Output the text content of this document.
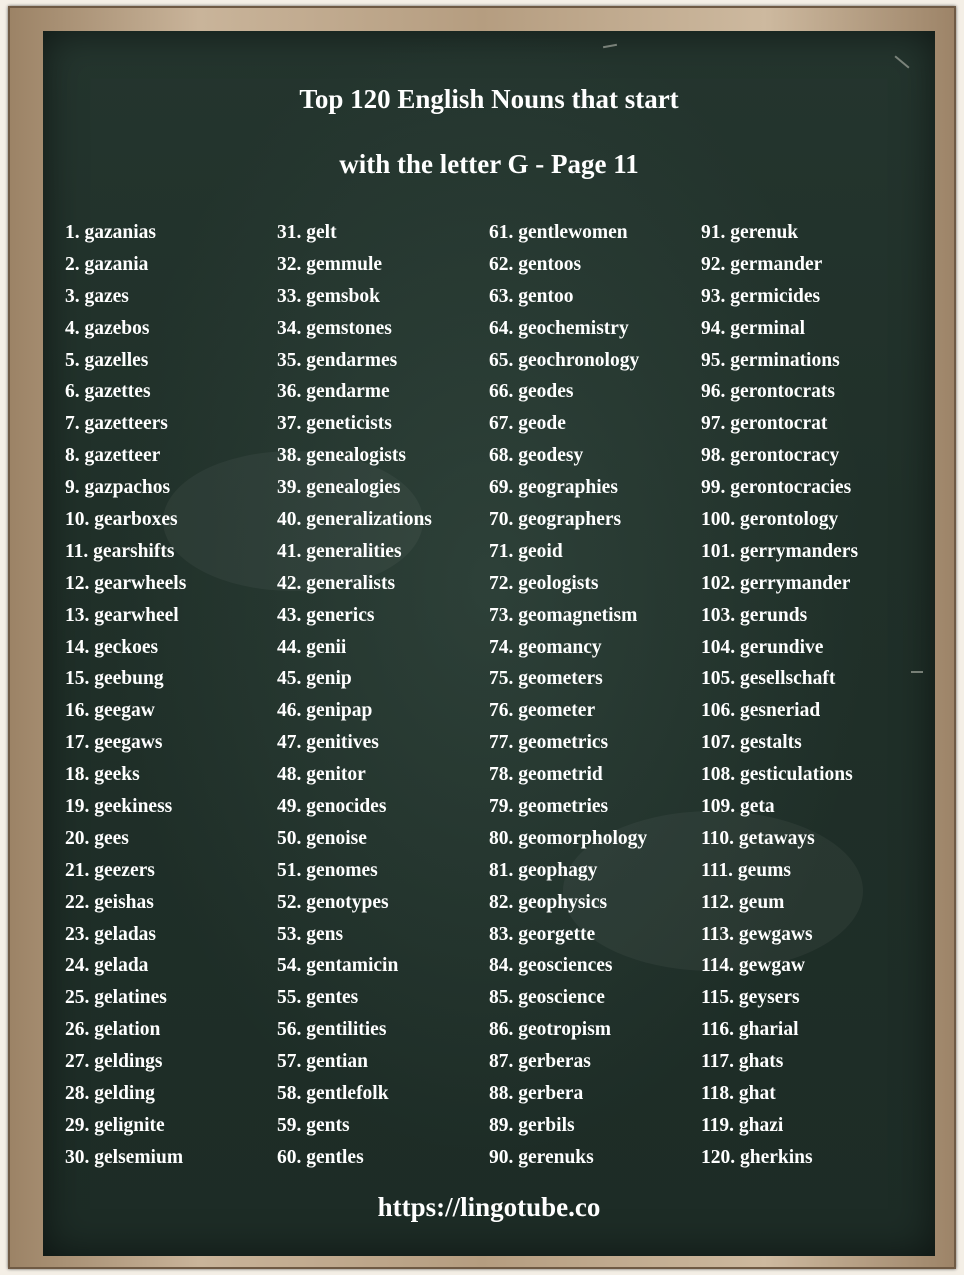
Top 120 English Nouns that start
with the letter G - Page 11
1. gazanias
2. gazania
3. gazes
4. gazebos
5. gazelles
6. gazettes
7. gazetteers
8. gazetteer
9. gazpachos
10. gearboxes
11. gearshifts
12. gearwheels
13. gearwheel
14. geckoes
15. geebung
16. geegaw
17. geegaws
18. geeks
19. geekiness
20. gees
21. geezers
22. geishas
23. geladas
24. gelada
25. gelatines
26. gelation
27. geldings
28. gelding
29. gelignite
30. gelsemium
31. gelt
32. gemmule
33. gemsbok
34. gemstones
35. gendarmes
36. gendarme
37. geneticists
38. genealogists
39. genealogies
40. generalizations
41. generalities
42. generalists
43. generics
44. genii
45. genip
46. genipap
47. genitives
48. genitor
49. genocides
50. genoise
51. genomes
52. genotypes
53. gens
54. gentamicin
55. gentes
56. gentilities
57. gentian
58. gentlefolk
59. gents
60. gentles
61. gentlewomen
62. gentoos
63. gentoo
64. geochemistry
65. geochronology
66. geodes
67. geode
68. geodesy
69. geographies
70. geographers
71. geoid
72. geologists
73. geomagnetism
74. geomancy
75. geometers
76. geometer
77. geometrics
78. geometrid
79. geometries
80. geomorphology
81. geophagy
82. geophysics
83. georgette
84. geosciences
85. geoscience
86. geotropism
87. gerberas
88. gerbera
89. gerbils
90. gerenuks
91. gerenuk
92. germander
93. germicides
94. germinal
95. germinations
96. gerontocrats
97. gerontocrat
98. gerontocracy
99. gerontocracies
100. gerontology
101. gerrymanders
102. gerrymander
103. gerunds
104. gerundive
105. gesellschaft
106. gesneriad
107. gestalts
108. gesticulations
109. geta
110. getaways
111. geums
112. geum
113. gewgaws
114. gewgaw
115. geysers
116. gharial
117. ghats
118. ghat
119. ghazi
120. gherkins
https://lingotube.co
